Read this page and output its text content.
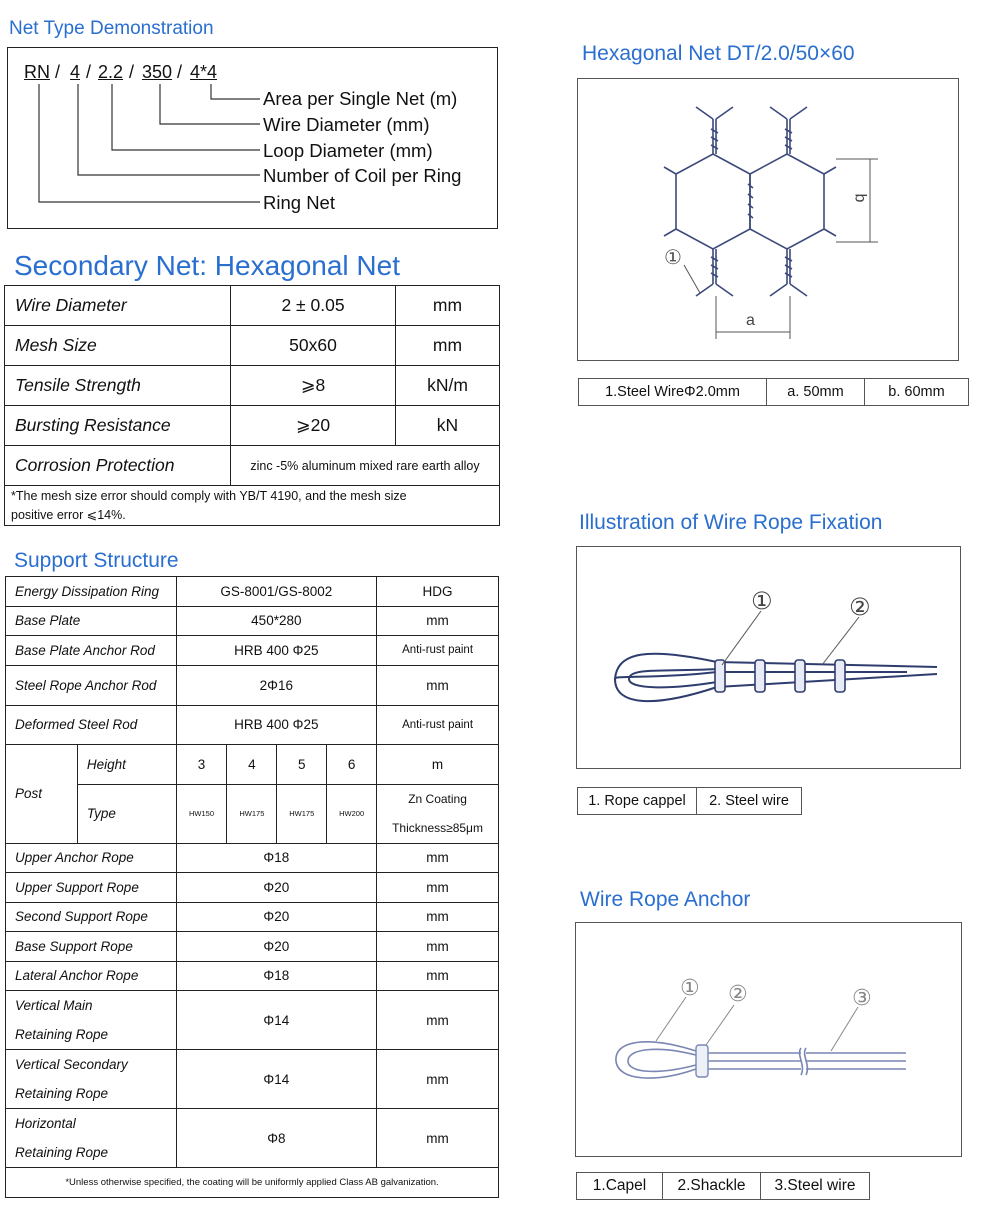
Net Type Demonstration
RN / 4 / 2.2 / 350 / 4*4
Area per Single Net (m)
Wire Diameter (mm)
Loop Diameter (mm)
Number of Coil per Ring
Ring Net
Secondary Net: Hexagonal Net
Wire Diameter	2 ± 0.05	mm
Mesh Size	50x60	mm
Tensile Strength	⩾8	kN/m
Bursting Resistance	⩾20	kN
Corrosion Protection	zinc -5% aluminum mixed rare earth alloy	

*The mesh size error should comply with YB/T 4190, and the mesh size
positive error ⩽14%.		
Support Structure
Energy Dissipation Ring		GS-8001/GS-8002				HDG
Base Plate		450*280				mm
Base Plate Anchor Rod		HRB 400 Φ25				Anti-rust paint
Steel Rope Anchor Rod		2Φ16				mm
Deformed Steel Rod		HRB 400 Φ25				Anti-rust paint
Post	Height	3	4	5	6	m
	Type	HW150	HW175	HW175	HW200	Zn Coating
Thickness≥85μm

Upper Anchor Rope		Φ18				mm
Upper Support Rope		Φ20				mm
Second Support Rope		Φ20				mm
Base Support Rope		Φ20				mm
Lateral Anchor Rope		Φ18				mm

Vertical Main
Retaining Rope		Φ14				mm

Vertical Secondary
Retaining Rope		Φ14				mm

Horizontal
Retaining Rope		Φ8				mm
*Unless otherwise specified, the coating will be uniformly applied Class AB galvanization.						
Hexagonal Net DT/2.0/50×60
①
b
a
1.Steel WireΦ2.0mm	a. 50mm	b. 60mm
Illustration of Wire Rope Fixation
①	②
1. Rope cappel	2. Steel wire
Wire Rope Anchor
① ②	③
1.Capel	2.Shackle	3.Steel wire
